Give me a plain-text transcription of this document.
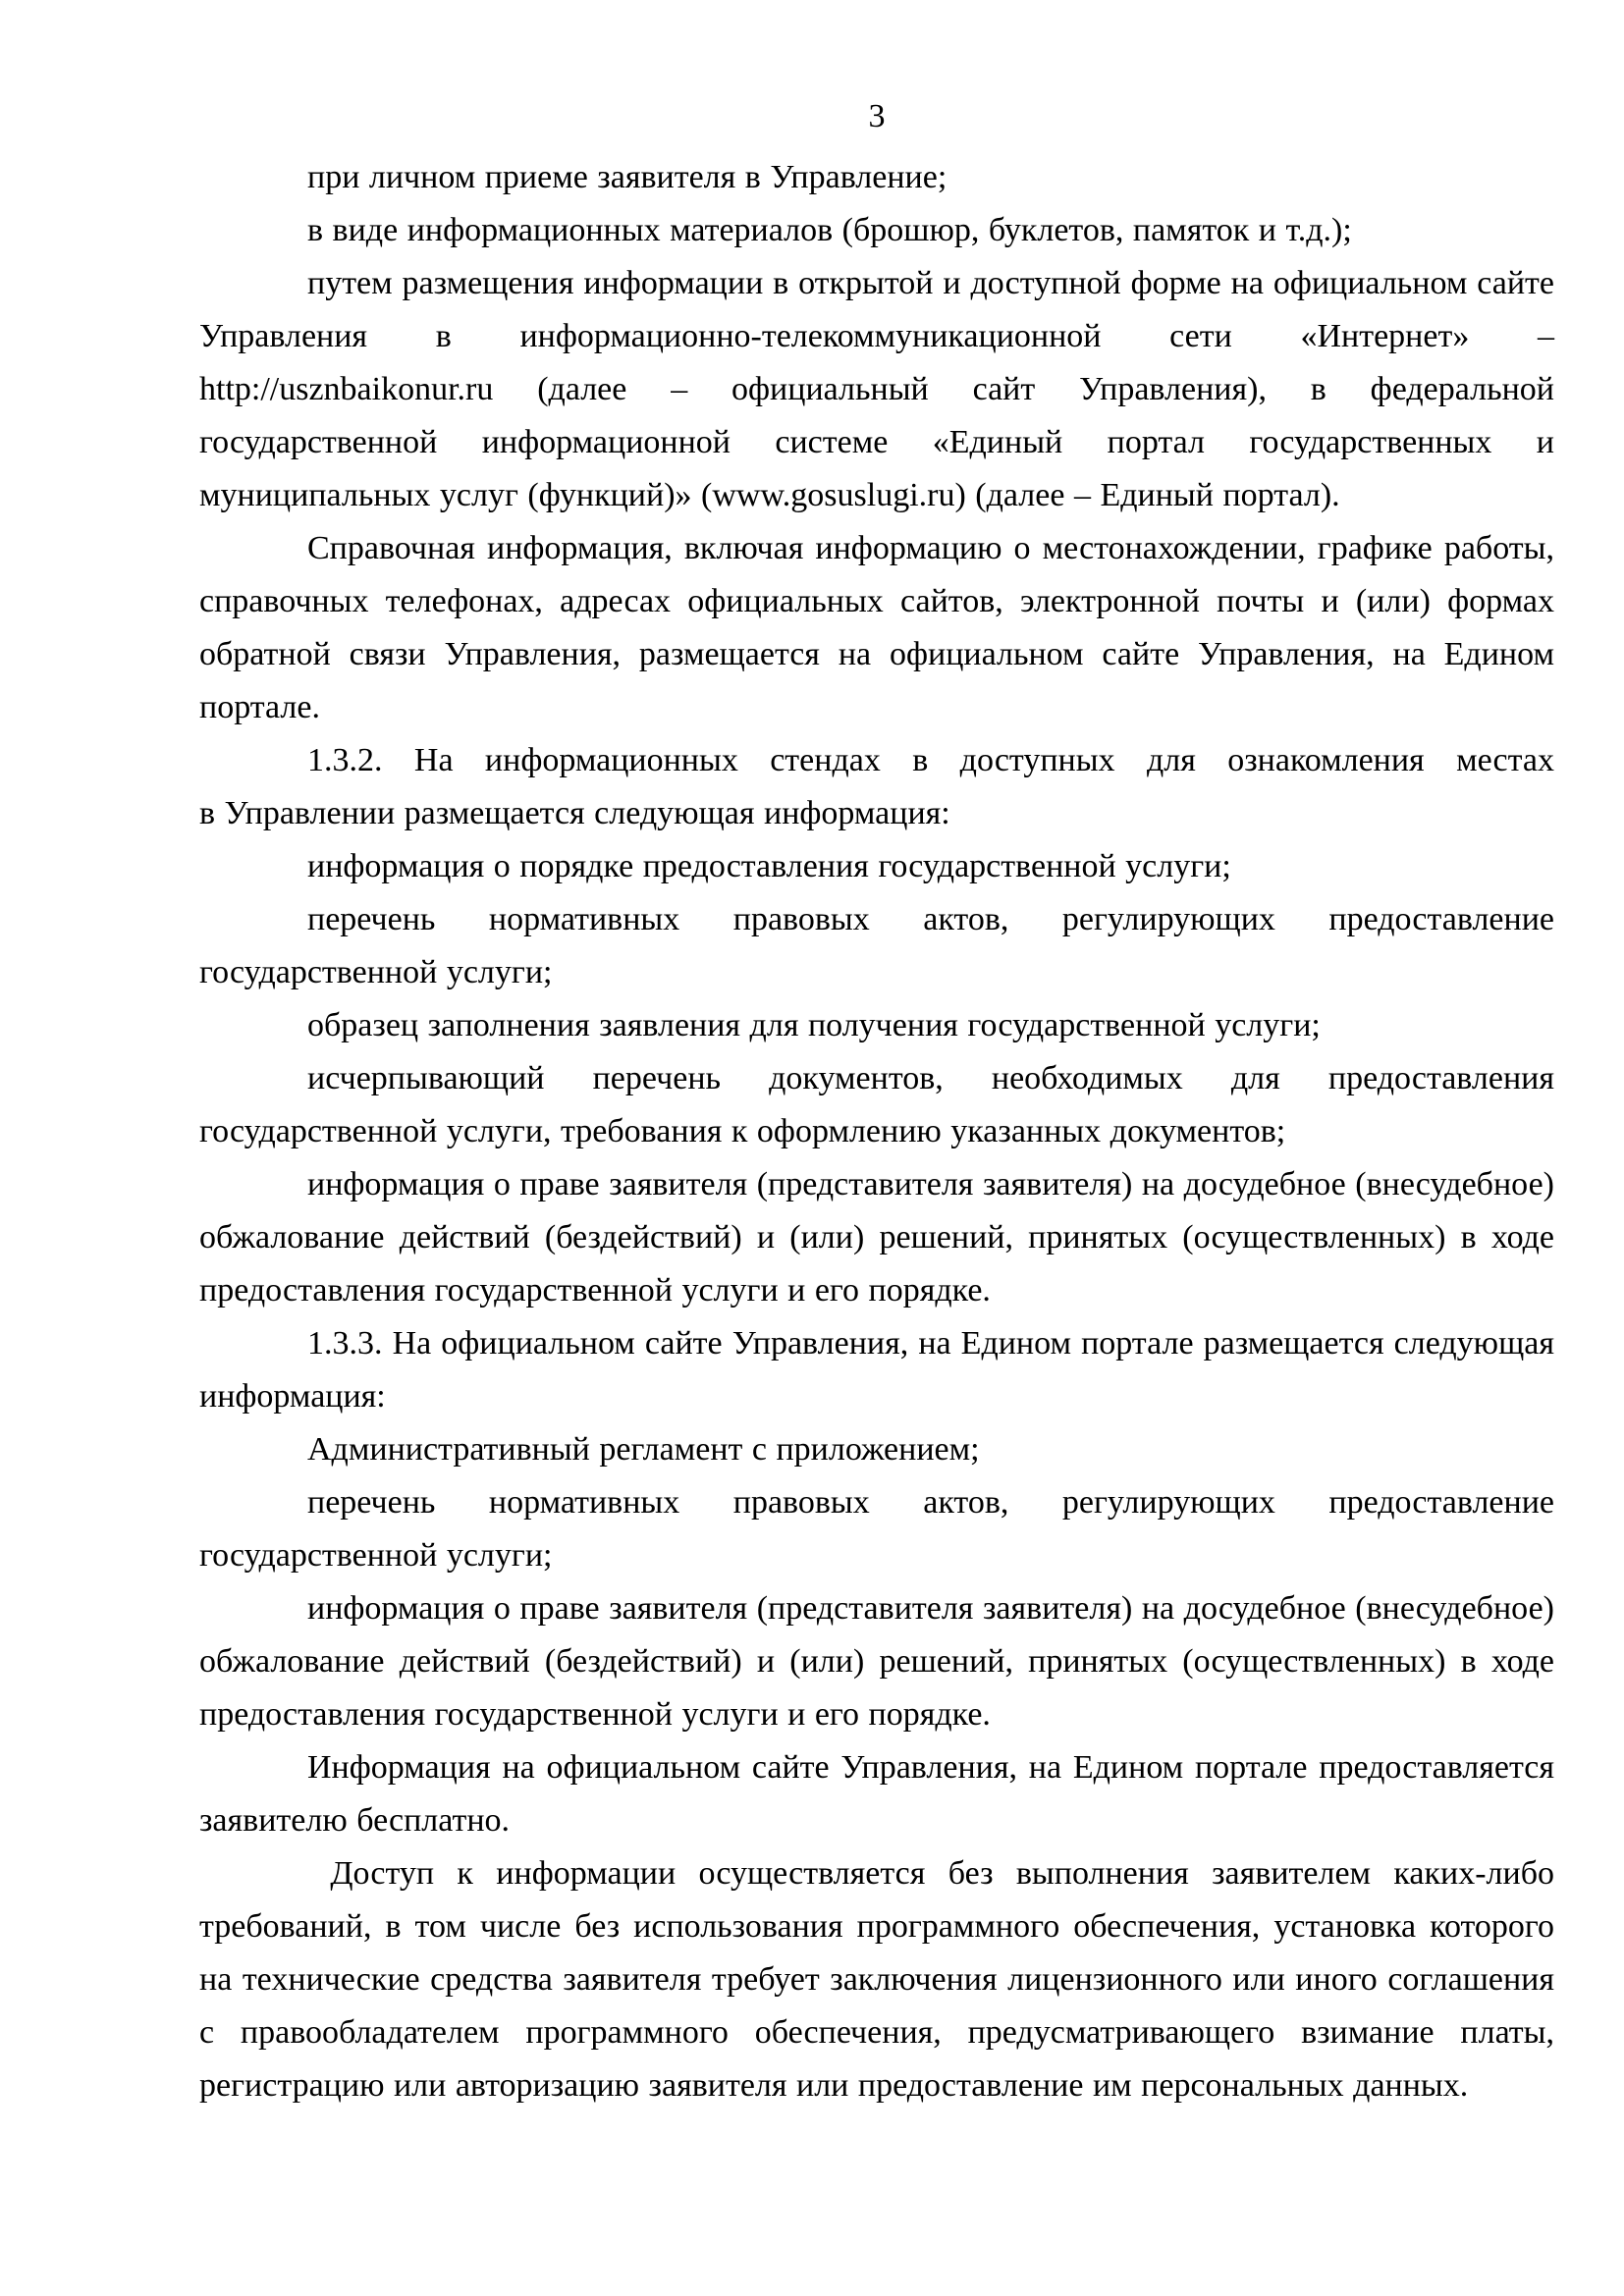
3

при личном приеме заявителя в Управление;

в виде информационных материалов (брошюр, буклетов, памяток и т.д.);

путем размещения информации в открытой и доступной форме на официальном сайте Управления в информационно-телекоммуникационной сети «Интернет» – http://usznbaikonur.ru (далее – официальный сайт Управления), в федеральной государственной информационной системе «Единый портал государственных и муниципальных услуг (функций)» (www.gosuslugi.ru) (далее – Единый портал).

Справочная информация, включая информацию о местонахождении, графике работы, справочных телефонах, адресах официальных сайтов, электронной почты и (или) формах обратной связи Управления, размещается на официальном сайте Управления, на Едином портале.

1.3.2. На информационных стендах в доступных для ознакомления местах в Управлении размещается следующая информация:

информация о порядке предоставления государственной услуги;

перечень нормативных правовых актов, регулирующих предоставление государственной услуги;

образец заполнения заявления для получения государственной услуги;

исчерпывающий перечень документов, необходимых для предоставления государственной услуги, требования к оформлению указанных документов;

информация о праве заявителя (представителя заявителя) на досудебное (внесудебное) обжалование действий (бездействий) и (или) решений, принятых (осуществленных) в ходе предоставления государственной услуги и его порядке.

1.3.3. На официальном сайте Управления, на Едином портале размещается следующая информация:

Административный регламент с приложением;

перечень нормативных правовых актов, регулирующих предоставление государственной услуги;

информация о праве заявителя (представителя заявителя) на досудебное (внесудебное) обжалование действий (бездействий) и (или) решений, принятых (осуществленных) в ходе предоставления государственной услуги и его порядке.

Информация на официальном сайте Управления, на Едином портале предоставляется заявителю бесплатно.

Доступ к информации осуществляется без выполнения заявителем каких-либо требований, в том числе без использования программного обеспечения, установка которого на технические средства заявителя требует заключения лицензионного или иного соглашения с правообладателем программного обеспечения, предусматривающего взимание платы, регистрацию или авторизацию заявителя или предоставление им персональных данных.
